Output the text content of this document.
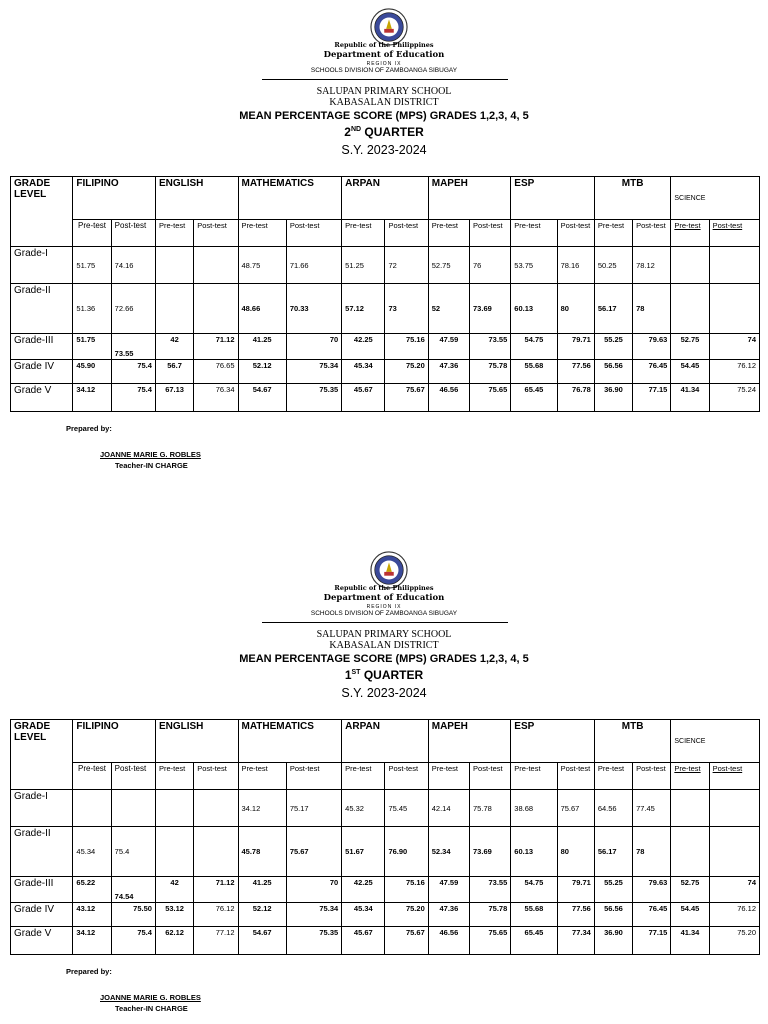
Republic of the Philippines
Department of Education
REGION IX
SCHOOLS DIVISION OF ZAMBOANGA SIBUGAY
SALUPAN PRIMARY SCHOOL
KABASALAN DISTRICT
MEAN PERCENTAGE SCORE (MPS) GRADES 1,2,3, 4, 5
2ND QUARTER
S.Y. 2023-2024
GRADE LEVEL	FILIPINO		ENGLISH		MATHEMATICS		ARPAN		MAPEH		ESP		MTB		SCIENCE	
	Pre-test	Post-test	Pre-test	Post-test	Pre-test	Post-test	Pre-test	Post-test	Pre-test	Post-test	Pre-test	Post-test	Pre-test	Post-test	Pre-test	Post-test
Grade-I	51.75	74.16			48.75	71.66	51.25	72	52.75	76	53.75	78.16	50.25	78.12		
Grade-II	51.36	72.66			48.66	70.33	57.12	73	52	73.69	60.13	80	56.17	78		
Grade-III	51.75	73.55	42	71.12	41.25	70	42.25	75.16	47.59	73.55	54.75	79.71	55.25	79.63	52.75	74
Grade IV	45.90	75.4	56.7	76.65	52.12	75.34	45.34	75.20	47.36	75.78	55.68	77.56	56.56	76.45	54.45	76.12
Grade V	34.12	75.4	67.13	76.34	54.67	75.35	45.67	75.67	46.56	75.65	65.45	76.78	36.90	77.15	41.34	75.24
Prepared by:
JOANNE MARIE G. ROBLES
Teacher-IN CHARGE
Republic of the Philippines
Department of Education
REGION IX
SCHOOLS DIVISION OF ZAMBOANGA SIBUGAY
SALUPAN PRIMARY SCHOOL
KABASALAN DISTRICT
MEAN PERCENTAGE SCORE (MPS) GRADES 1,2,3, 4, 5
1ST QUARTER
S.Y. 2023-2024
GRADE LEVEL	FILIPINO		ENGLISH		MATHEMATICS		ARPAN		MAPEH		ESP		MTB		SCIENCE	
	Pre-test	Post-test	Pre-test	Post-test	Pre-test	Post-test	Pre-test	Post-test	Pre-test	Post-test	Pre-test	Post-test	Pre-test	Post-test	Pre-test	Post-test
Grade-I					34.12	75.17	45.32	75.45	42.14	75.78	38.68	75.67	64.56	77.45		
Grade-II	45.34	75.4			45.78	75.67	51.67	76.90	52.34	73.69	60.13	80	56.17	78		
Grade-III	65.22	74.54	42	71.12	41.25	70	42.25	75.16	47.59	73.55	54.75	79.71	55.25	79.63	52.75	74
Grade IV	43.12	75.50	53.12	76.12	52.12	75.34	45.34	75.20	47.36	75.78	55.68	77.56	56.56	76.45	54.45	76.12
Grade V	34.12	75.4	62.12	77.12	54.67	75.35	45.67	75.67	46.56	75.65	65.45	77.34	36.90	77.15	41.34	75.20
Prepared by:
JOANNE MARIE G. ROBLES
Teacher-IN CHARGE
